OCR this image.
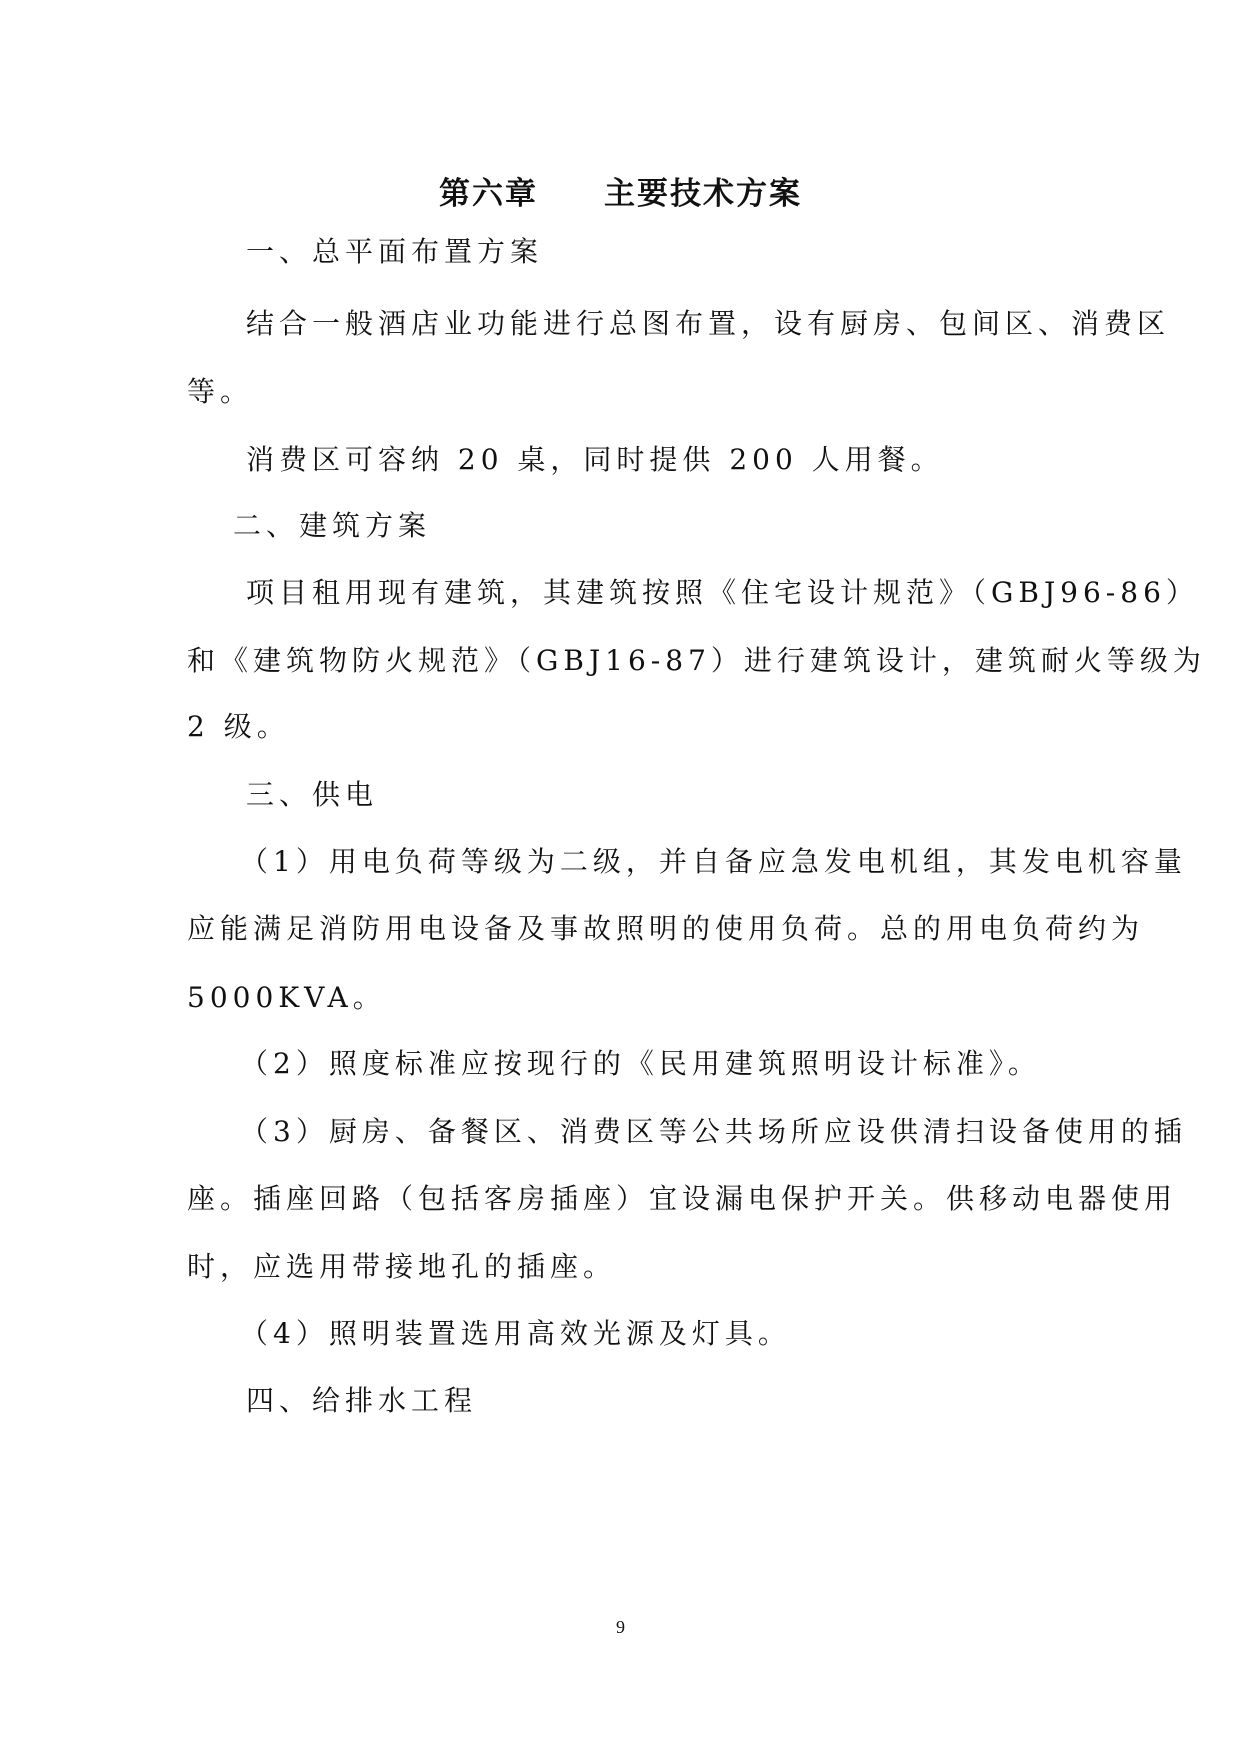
第六章　　主要技术方案
一、总平面布置方案
结合一般酒店业功能进行总图布置，设有厨房、包间区、消费区
等。
消费区可容纳 20 桌，同时提供 200 人用餐。
二、建筑方案
项目租用现有建筑，其建筑按照《住宅设计规范》（GBJ96-86）
和《建筑物防火规范》（GBJ16-87）进行建筑设计，建筑耐火等级为
2 级。
三、供电
（1）用电负荷等级为二级，并自备应急发电机组，其发电机容量
应能满足消防用电设备及事故照明的使用负荷。总的用电负荷约为
5000KVA。
（2）照度标准应按现行的《民用建筑照明设计标准》。
（3）厨房、备餐区、消费区等公共场所应设供清扫设备使用的插
座。插座回路（包括客房插座）宜设漏电保护开关。供移动电器使用
时，应选用带接地孔的插座。
（4）照明装置选用高效光源及灯具。
四、给排水工程
9
